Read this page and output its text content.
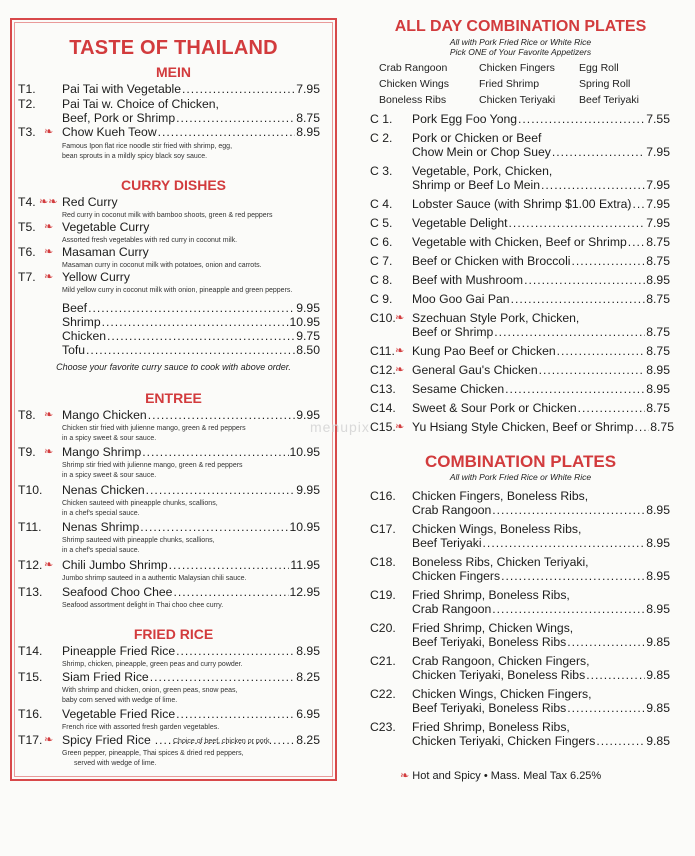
TASTE OF THAILAND
MEIN
T1. Pai Tai with Vegetable .....	7.95
T2. Pai Tai w. Choice of Chicken,
Beef, Pork or Shrimp .....	8.75
T3. ❧ Chow Kueh Teow .....	8.95
Famous Ipon flat rice noodle stir fried with shrimp, egg,
bean sprouts in a mildly spicy black soy sauce.
CURRY DISHES
T4. ❧❧ Red Curry
Red curry in coconut milk with bamboo shoots, green & red peppers
T5. ❧ Vegetable Curry
Assorted fresh vegetables with red curry in coconut milk.
T6. ❧ Masaman Curry
Masaman curry in coconut milk with potatoes, onion and carrots.
T7. ❧ Yellow Curry
Mild yellow curry in coconut milk with onion, pineapple and green peppers.
Beef .....	9.95
Shrimp .....	10.95
Chicken .....	9.75
Tofu .....	8.50
Choose your favorite curry sauce to cook with above order.
ENTREE
T8. ❧ Mango Chicken .....	9.95
Chicken stir fried with julienne mango, green & red peppers
in a spicy sweet & sour sauce.
T9. ❧ Mango Shrimp .....	10.95
Shrimp stir fried with julienne mango, green & red peppers
in a spicy sweet & sour sauce.
T10. Nenas Chicken .....	9.95
Chicken sauteed with pineapple chunks, scallions,
in a chef's special sauce.
T11. Nenas Shrimp .....	10.95
Shrimp sauteed with pineapple chunks, scallions,
in a chef's special sauce.
T12. ❧ Chili Jumbo Shrimp .....	11.95
Jumbo shrimp sauteed in a authentic Malaysian chili sauce.
T13. Seafood Choo Chee .....	12.95
Seafood assortment delight in Thai choo chee curry.
FRIED RICE
T14. Pineapple Fried Rice .....	8.95
Shrimp, chicken, pineapple, green peas and curry powder.
T15. Siam Fried Rice .....	8.25
With shrimp and chicken, onion, green peas, snow peas,
baby corn served with wedge of lime.
T16. Vegetable Fried Rice .....	6.95
French rice with assorted fresh garden vegetables.
T17. ❧ Spicy Fried Rice .....	8.25
Choice of beef, chicken or pork
Green pepper, pineapple, Thai spices & dried red peppers,
served with wedge of lime.
ALL DAY COMBINATION PLATES
All with Pork Fried Rice or White Rice
Pick ONE of Your Favorite Appetizers
Crab Rangoon	Chicken Fingers Egg Roll
Chicken Wings	Fried Shrimp	Spring Roll
Boneless Ribs	Chicken Teriyaki Beef Teriyaki
C 1. Pork Egg Foo Yong .....	7.55
C 2. Pork or Chicken or Beef
Chow Mein or Chop Suey .....	7.95
C 3. Vegetable, Pork, Chicken,
Shrimp or Beef Lo Mein .....	7.95
C 4. Lobster Sauce (with Shrimp $1.00 Extra) ..... 7.95
C 5. Vegetable Delight .....	7.95
C 6. Vegetable with Chicken, Beef or Shrimp ..... 8.75
C 7. Beef or Chicken with Broccoli .....	8.75
C 8. Beef with Mushroom .....	8.95
C 9. Moo Goo Gai Pan .....	8.75
C10. ❧ Szechuan Style Pork, Chicken,
Beef or Shrimp .....	8.75
C11. ❧ Kung Pao Beef or Chicken .....	8.75
C12. ❧ General Gau's Chicken .....	8.95
C13. Sesame Chicken .....	8.95
C14. Sweet & Sour Pork or Chicken .....	8.75
C15. ❧ Yu Hsiang Style Chicken, Beef or Shrimp ..... 8.75
menupix
COMBINATION PLATES
All with Pork Fried Rice or White Rice
C16. Chicken Fingers, Boneless Ribs,
Crab Rangoon .....	8.95
C17. Chicken Wings, Boneless Ribs,
Beef Teriyaki .....	8.95
C18. Boneless Ribs, Chicken Teriyaki,
Chicken Fingers .....	8.95
C19. Fried Shrimp, Boneless Ribs,
Crab Rangoon .....	8.95
C20. Fried Shrimp, Chicken Wings,
Beef Teriyaki, Boneless Ribs .....	9.85
C21. Crab Rangoon, Chicken Fingers,
Chicken Teriyaki, Boneless Ribs .....	9.85
C22. Chicken Wings, Chicken Fingers,
Beef Teriyaki, Boneless Ribs .....	9.85
C23. Fried Shrimp, Boneless Ribs,
Chicken Teriyaki, Chicken Fingers .....	9.85
❧ Hot and Spicy • Mass. Meal Tax 6.25%
